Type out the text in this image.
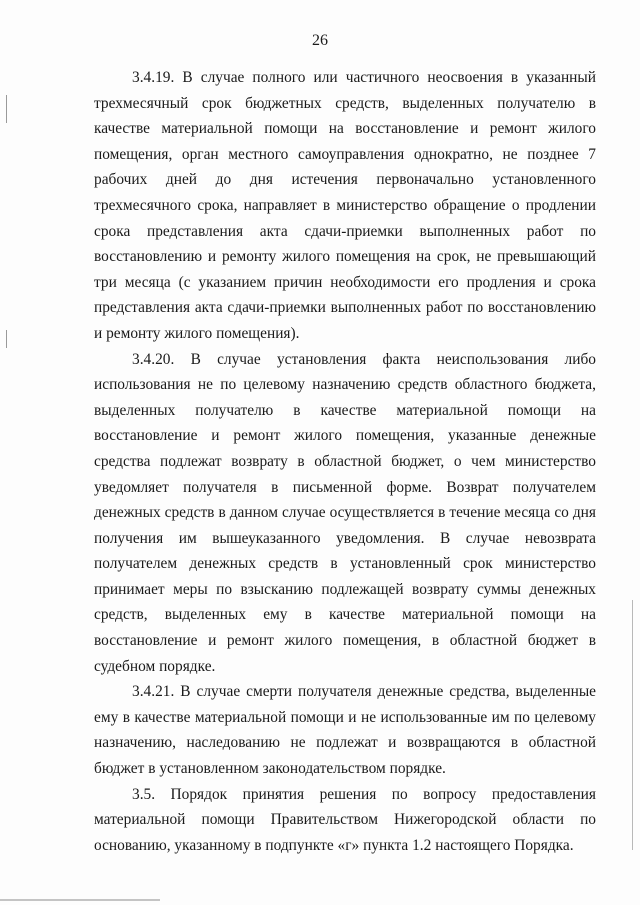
26

3.4.19. В случае полного или частичного неосвоения в указанный трехмесячный срок бюджетных средств, выделенных получателю в качестве материальной помощи на восстановление и ремонт жилого помещения, орган местного самоуправления однократно, не позднее 7 рабочих дней до дня истечения первоначально установленного трехмесячного срока, направляет в министерство обращение о продлении срока представления акта сдачи-приемки выполненных работ по восстановлению и ремонту жилого помещения на срок, не превышающий три месяца (с указанием причин необходимости его продления и срока представления акта сдачи-приемки выполненных работ по восстановлению и ремонту жилого помещения).

3.4.20. В случае установления факта неиспользования либо использования не по целевому назначению средств областного бюджета, выделенных получателю в качестве материальной помощи на восстановление и ремонт жилого помещения, указанные денежные средства подлежат возврату в областной бюджет, о чем министерство уведомляет получателя в письменной форме. Возврат получателем денежных средств в данном случае осуществляется в течение месяца со дня получения им вышеуказанного уведомления. В случае невозврата получателем денежных средств в установленный срок министерство принимает меры по взысканию подлежащей возврату суммы денежных средств, выделенных ему в качестве материальной помощи на восстановление и ремонт жилого помещения, в областной бюджет в судебном порядке.

3.4.21. В случае смерти получателя денежные средства, выделенные ему в качестве материальной помощи и не использованные им по целевому назначению, наследованию не подлежат и возвращаются в областной бюджет в установленном законодательством порядке.

3.5. Порядок принятия решения по вопросу предоставления материальной помощи Правительством Нижегородской области по основанию, указанному в подпункте «г» пункта 1.2 настоящего Порядка.
